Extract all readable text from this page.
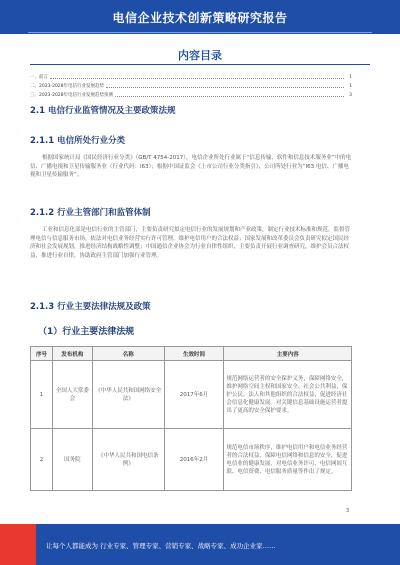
电信企业技术创新策略研究报告
内容目录
一、前言	1
二、2023-2028年电信行业发展趋势	1
三、2023-2028年电信行业发展趋势预测	3
2.1 电信行业监管情况及主要政策法规
2.1.1 电信所处行业分类

根据国家统计局《国民经济行业分类》（GB/T 4754-2017），电信企业所处行业属于“信息传输、软件和信息技术服务业”中的电信、广播电视和卫星传输服务业（行业代码：I63）；根据中国证监会《上市公司行业分类指引》，公司所处行业为“I63 电信、广播电视和卫星传输服务”。

2.1.2 行业主管部门和监管体制

工业和信息化部是电信行业的主管部门，主要负责研究拟定电信行业的发展规划和产业政策，制定行业技术标准和规范，监督管理电信与信息服务市场，依法对电信业务经营实行许可管理，维护电信用户的合法权益；国家发展和改革委员会负责研究拟定国民经济和社会发展规划，推进经济结构战略性调整；中国通信企业协会为行业自律性组织，主要负责开展行业调查研究，维护会员合法权益，推进行业自律，协助政府主管部门加强行业管理。

2.1.3 行业主要法律法规及政策
（1）行业主要法律法规
序号	发布机构	名称	生效时间	主要内容
1	全国人大常委会	《中华人民共和国网络安全法》	2017年6月	规范网络运营者的安全保护义务，保障网络安全，维护网络空间主权和国家安全、社会公共利益，保护公民、法人和其他组织的合法权益，促进经济社会信息化健康发展。对关键信息基础设施运营者提出了更高的安全保护要求。
2	国务院	《中华人民共和国电信条例》	2016年2月	规范电信市场秩序，维护电信用户和电信业务经营者的合法权益，保障电信网络和信息的安全，促进电信业的健康发展，对电信业务许可、电信网间互联、电信资费、电信服务质量等作出了规定。
3
让每个人都能成为 行业专家、管理专家、营销专家、战略专家、成功企业家……
